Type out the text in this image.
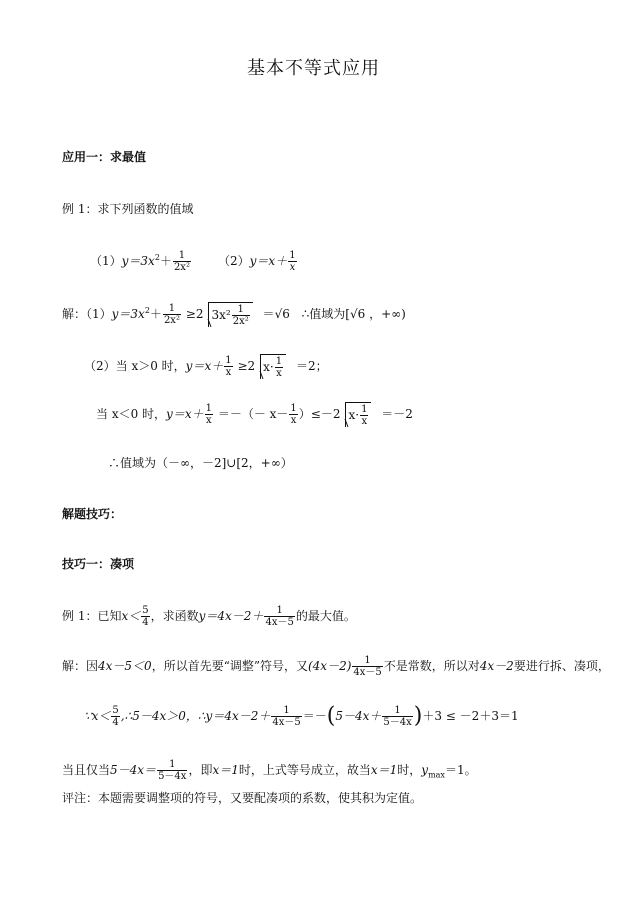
基本不等式应用
应用一：求最值
例 1：求下列函数的值域
$(1)y=3x^2+ \frac{1}{\text{2x²}} (2)y=x+ \frac{1}{x}$
解：$(1)y=3x^2+ \frac{1}{\text{2x²}} \ge 2$ $3x^2 \frac{1}{\text{2x²}} =√6$ ∴值域为[√6 ，+∞)
（2）当 x＞0 时，$y=x+ \frac{1}{x} \ge 2$ $x\cdot \frac{1}{x} =2$；
当 x＜0 时，$y=x+ \frac{1}{x}$ ＝－（－ $x- \frac{1}{x} )\le-2$ $x\cdot \frac{1}{x} =-2$
∴值域为（－∞，－2]∪[2，+∞）
解题技巧：
技巧一：凑项
例 1：已知$x< \frac{5}{4}$ ，求函数$y=4x-2+ \frac{1}{4x-5}$ 的最大值。
解：因4x－5＜0，所以首先要“调整”符号，又$(4x-2) \frac{1}{4x-5}$ 不是常数，所以对4x－2要进行拆、凑项，
∵x＜ $\frac{5}{4}$ ,∴5－4x＞0，∴y＝4x－2＋ $\frac{1}{4x-5} =-(5-4x+ \frac{1}{5-4x} )+3 \le -2+3=1$
当且仅当$5-4x= \frac{1}{5-4x}$ ，即x＝1时，上式等号成立，故当x＝1时，$y_{max}=1$。
评注：本题需要调整项的符号，又要配凑项的系数，使其积为定值。
